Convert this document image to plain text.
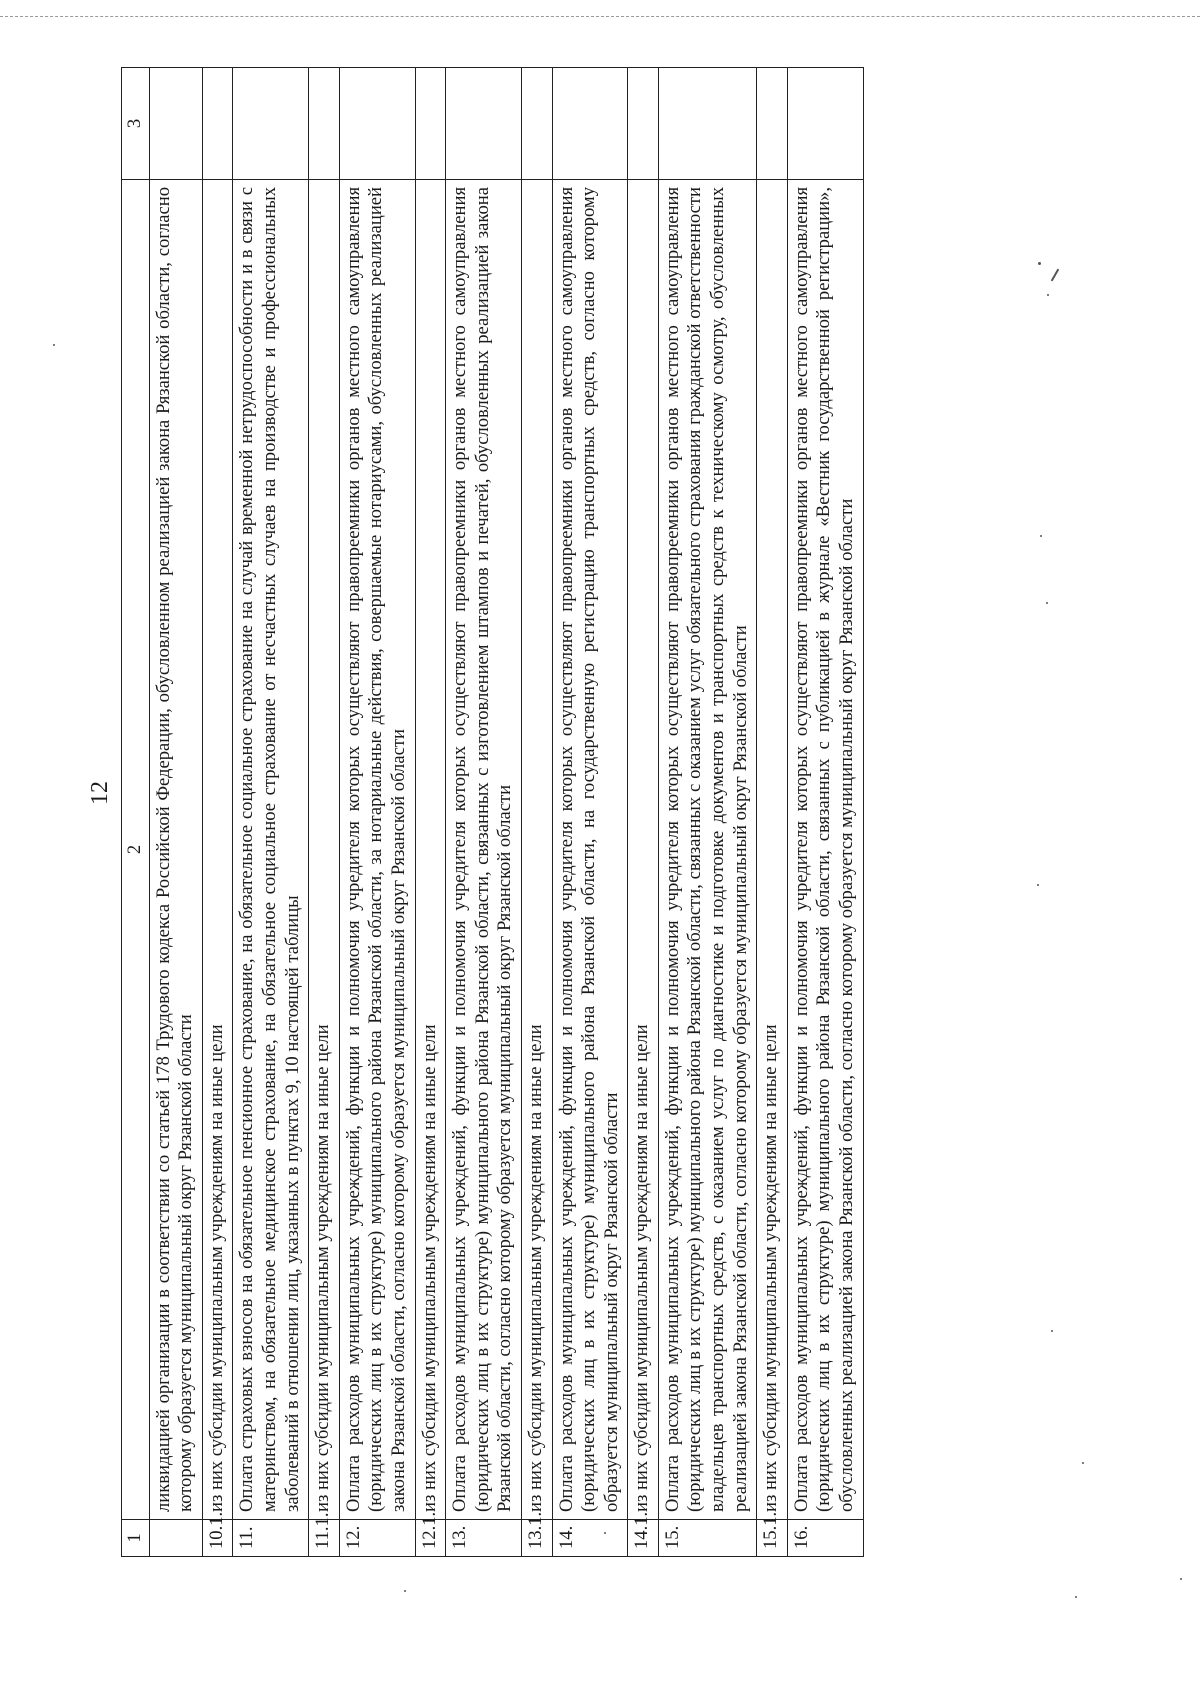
12
1	2	3
	ликвидацией организации в соответствии со статьей 178 Трудового кодекса Российской Федерации, обусловленном реализацией закона Рязанской области, согласно которому образуется муниципальный округ Рязанской области	
10.1.	из них субсидии муниципальным учреждениям на иные цели	
11.	Оплата страховых взносов на обязательное пенсионное страхование, на обязательное социальное страхование на случай временной нетрудоспособности и в связи с материнством, на обязательное медицинское страхование, на обязательное социальное страхование от несчастных случаев на производстве и профессиональных заболеваний в отношении лиц, указанных в пунктах 9, 10 настоящей таблицы	
11.1.	из них субсидии муниципальным учреждениям на иные цели	
12.	Оплата расходов муниципальных учреждений, функции и полномочия учредителя которых осуществляют правопреемники органов местного самоуправления (юридических лиц в их структуре) муниципального района Рязанской области, за нотариальные действия, совершаемые нотариусами, обусловленных реализацией закона Рязанской области, согласно которому образуется муниципальный округ Рязанской области	
12.1.	из них субсидии муниципальным учреждениям на иные цели	
13.	Оплата расходов муниципальных учреждений, функции и полномочия учредителя которых осуществляют правопреемники органов местного самоуправления (юридических лиц в их структуре) муниципального района Рязанской области, связанных с изготовлением штампов и печатей, обусловленных реализацией закона Рязанской области, согласно которому образуется муниципальный округ Рязанской области	
13.1.	из них субсидии муниципальным учреждениям на иные цели	
14.	Оплата расходов муниципальных учреждений, функции и полномочия учредителя которых осуществляют правопреемники органов местного самоуправления (юридических лиц в их структуре) муниципального района Рязанской области, на государственную регистрацию транспортных средств, согласно которому образуется муниципальный округ Рязанской области	
14.1.	из них субсидии муниципальным учреждениям на иные цели	
15.	Оплата расходов муниципальных учреждений, функции и полномочия учредителя которых осуществляют правопреемники органов местного самоуправления (юридических лиц в их структуре) муниципального района Рязанской области, связанных с оказанием услуг обязательного страхования гражданской ответственности владельцев транспортных средств, с оказанием услуг по диагностике и подготовке документов и транспортных средств к техническому осмотру, обусловленных реализацией закона Рязанской области, согласно которому образуется муниципальный округ Рязанской области	
15.1.	из них субсидии муниципальным учреждениям на иные цели	
16.	Оплата расходов муниципальных учреждений, функции и полномочия учредителя которых осуществляют правопреемники органов местного самоуправления (юридических лиц в их структуре) муниципального района Рязанской области, связанных с публикацией в журнале «Вестник государственной регистрации», обусловленных реализацией закона Рязанской области, согласно которому образуется муниципальный округ Рязанской области	
